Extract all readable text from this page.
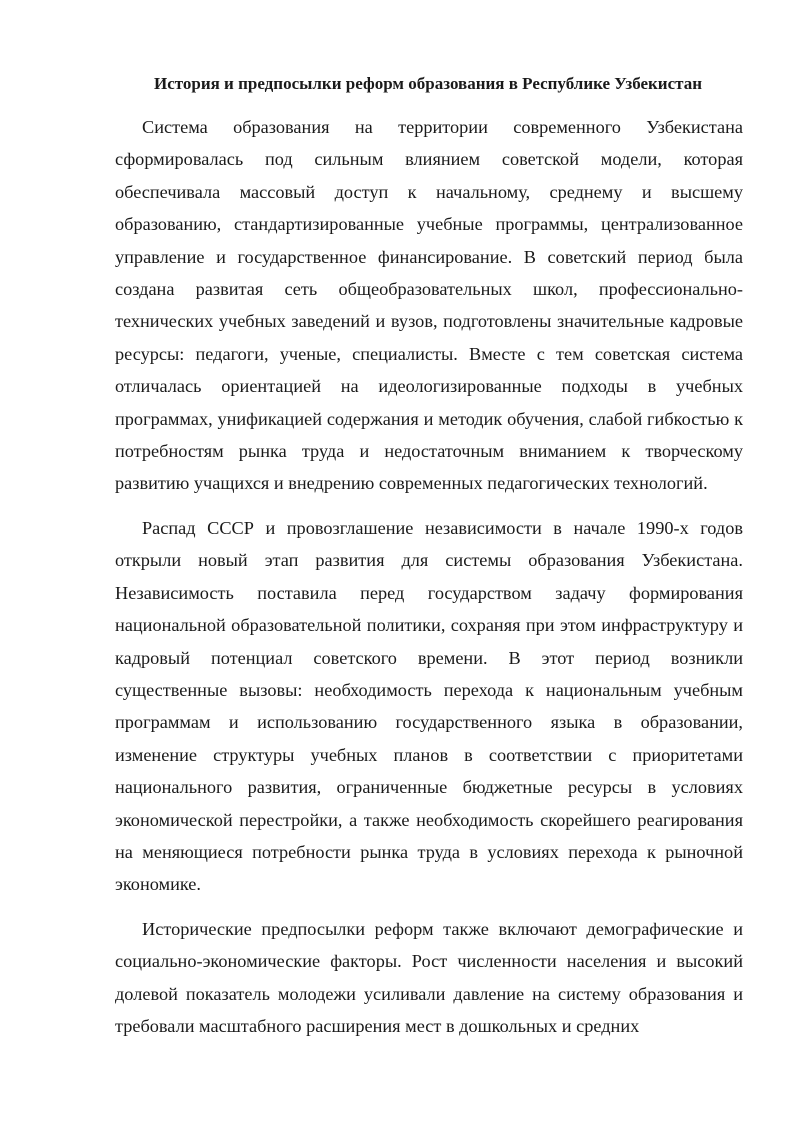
История и предпосылки реформ образования в Республике Узбекистан

Система образования на территории современного Узбекистана сформировалась под сильным влиянием советской модели, которая обеспечивала массовый доступ к начальному, среднему и высшему образованию, стандартизированные учебные программы, централизованное управление и государственное финансирование. В советский период была создана развитая сеть общеобразовательных школ, профессионально-технических учебных заведений и вузов, подготовлены значительные кадровые ресурсы: педагоги, ученые, специалисты. Вместе с тем советская система отличалась ориентацией на идеологизированные подходы в учебных программах, унификацией содержания и методик обучения, слабой гибкостью к потребностям рынка труда и недостаточным вниманием к творческому развитию учащихся и внедрению современных педагогических технологий.

Распад СССР и провозглашение независимости в начале 1990-х годов открыли новый этап развития для системы образования Узбекистана. Независимость поставила перед государством задачу формирования национальной образовательной политики, сохраняя при этом инфраструктуру и кадровый потенциал советского времени. В этот период возникли существенные вызовы: необходимость перехода к национальным учебным программам и использованию государственного языка в образовании, изменение структуры учебных планов в соответствии с приоритетами национального развития, ограниченные бюджетные ресурсы в условиях экономической перестройки, а также необходимость скорейшего реагирования на меняющиеся потребности рынка труда в условиях перехода к рыночной экономике.

Исторические предпосылки реформ также включают демографические и социально-экономические факторы. Рост численности населения и высокий долевой показатель молодежи усиливали давление на систему образования и требовали масштабного расширения мест в дошкольных и средних
